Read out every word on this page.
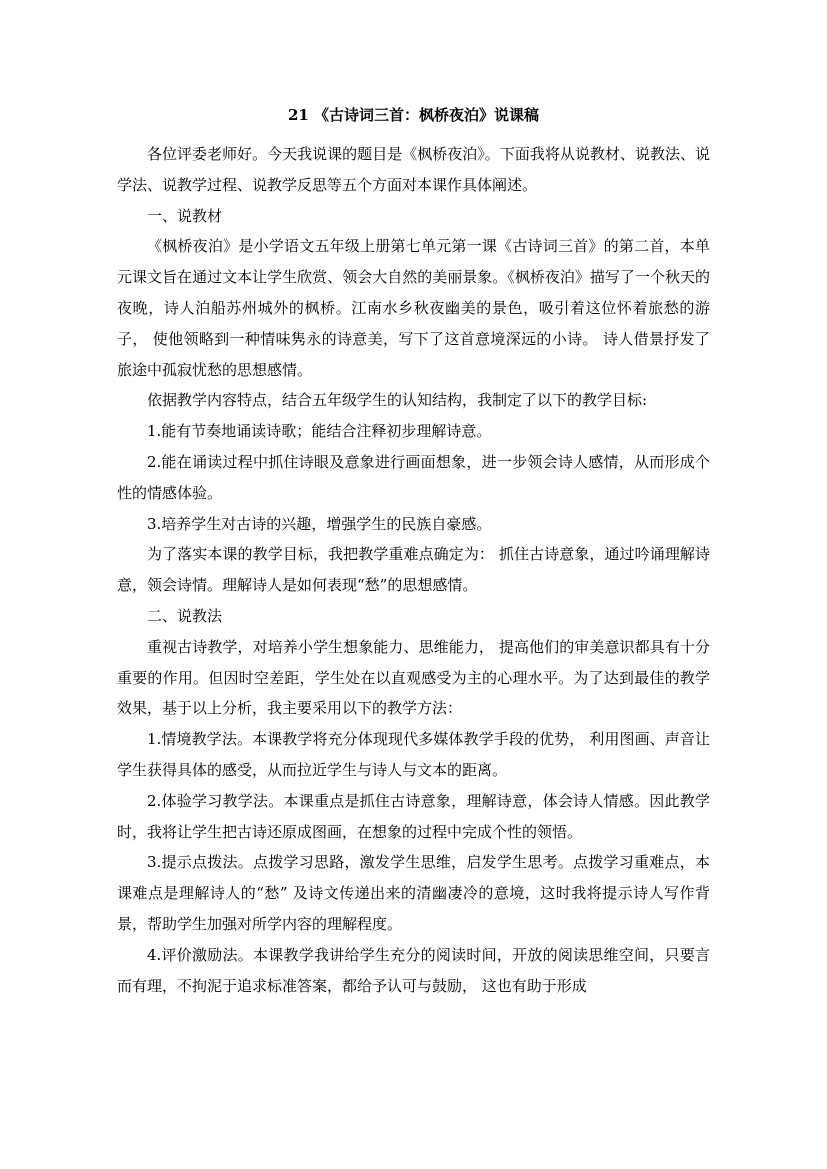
21 《古诗词三首：枫桥夜泊》说课稿

各位评委老师好。今天我说课的题目是《枫桥夜泊》。下面我将从说教材、说教法、说学法、说教学过程、说教学反思等五个方面对本课作具体阐述。

一、说教材

《枫桥夜泊》是小学语文五年级上册第七单元第一课《古诗词三首》的第二首，本单元课文旨在通过文本让学生欣赏、领会大自然的美丽景象。《枫桥夜泊》描写了一个秋天的夜晚，诗人泊船苏州城外的枫桥。江南水乡秋夜幽美的景色，吸引着这位怀着旅愁的游子， 使他领略到一种情味隽永的诗意美，写下了这首意境深远的小诗。 诗人借景抒发了旅途中孤寂忧愁的思想感情。

依据教学内容特点，结合五年级学生的认知结构，我制定了以下的教学目标:

1.能有节奏地诵读诗歌；能结合注释初步理解诗意。

2.能在诵读过程中抓住诗眼及意象进行画面想象，进一步领会诗人感情，从而形成个性的情感体验。

3.培养学生对古诗的兴趣，增强学生的民族自豪感。

为了落实本课的教学目标，我把教学重难点确定为： 抓住古诗意象，通过吟诵理解诗意，领会诗情。理解诗人是如何表现“愁”的思想感情。

二、说教法

重视古诗教学，对培养小学生想象能力、思维能力， 提高他们的审美意识都具有十分重要的作用。但因时空差距，学生处在以直观感受为主的心理水平。为了达到最佳的教学效果，基于以上分析，我主要采用以下的教学方法：

1.情境教学法。本课教学将充分体现现代多媒体教学手段的优势， 利用图画、声音让学生获得具体的感受，从而拉近学生与诗人与文本的距离。

2.体验学习教学法。本课重点是抓住古诗意象，理解诗意，体会诗人情感。因此教学时，我将让学生把古诗还原成图画，在想象的过程中完成个性的领悟。

3.提示点拨法。点拨学习思路，激发学生思维，启发学生思考。点拨学习重难点，本课难点是理解诗人的“愁” 及诗文传递出来的清幽凄冷的意境，这时我将提示诗人写作背景，帮助学生加强对所学内容的理解程度。

4.评价激励法。本课教学我讲给学生充分的阅读时间，开放的阅读思维空间，只要言而有理，不拘泥于追求标准答案，都给予认可与鼓励， 这也有助于形成
